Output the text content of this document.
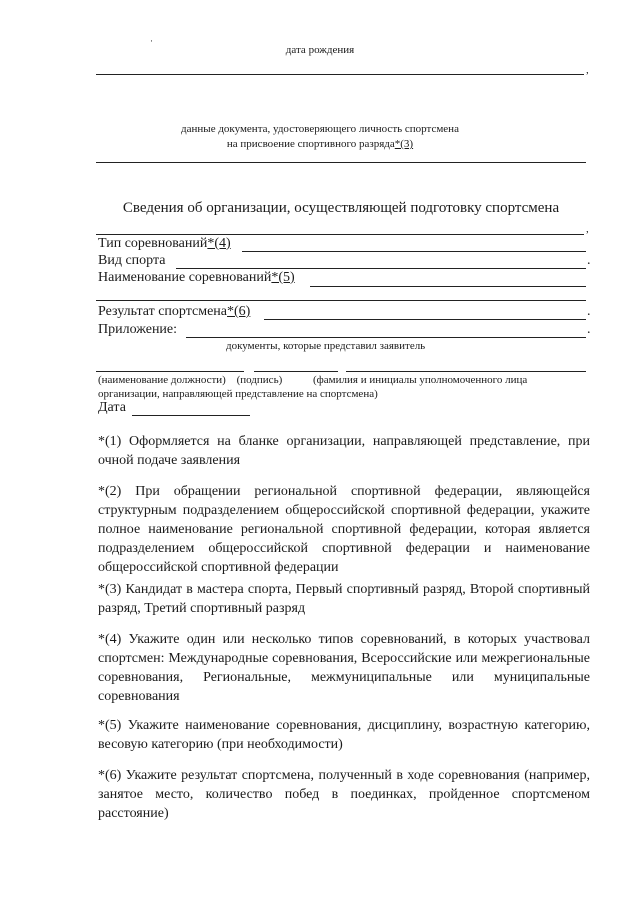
·
дата рождения
,
данные документа, удостоверяющего личность спортсмена
на присвоение спортивного разряда*(3)
Сведения об организации, осуществляющей подготовку спортсмена
,
Тип соревнований*(4)
Вид спорта	.
Наименование соревнований*(5)
Результат спортсмена*(6)	.
Приложение:	.
документы, которые представил заявитель
(наименование должности) (подпись)	(фамилия и инициалы уполномоченного лица
организации, направляющей представление на спортсмена)
Дата
*(1) Оформляется на бланке организации, направляющей представление, при очной подаче заявления
*(2) При обращении региональной спортивной федерации, являющейся структурным подразделением общероссийской спортивной федерации, укажите полное наименование региональной спортивной федерации, которая является подразделением общероссийской спортивной федерации и наименование общероссийской спортивной федерации
*(3) Кандидат в мастера спорта, Первый спортивный разряд, Второй спортивный разряд, Третий спортивный разряд
*(4) Укажите один или несколько типов соревнований, в которых участвовал спортсмен: Международные соревнования, Всероссийские или межрегиональные соревнования, Региональные, межмуниципальные или муниципальные соревнования
*(5) Укажите наименование соревнования, дисциплину, возрастную категорию, весовую категорию (при необходимости)
*(6) Укажите результат спортсмена, полученный в ходе соревнования (например, занятое место, количество побед в поединках, пройденное спортсменом расстояние)
